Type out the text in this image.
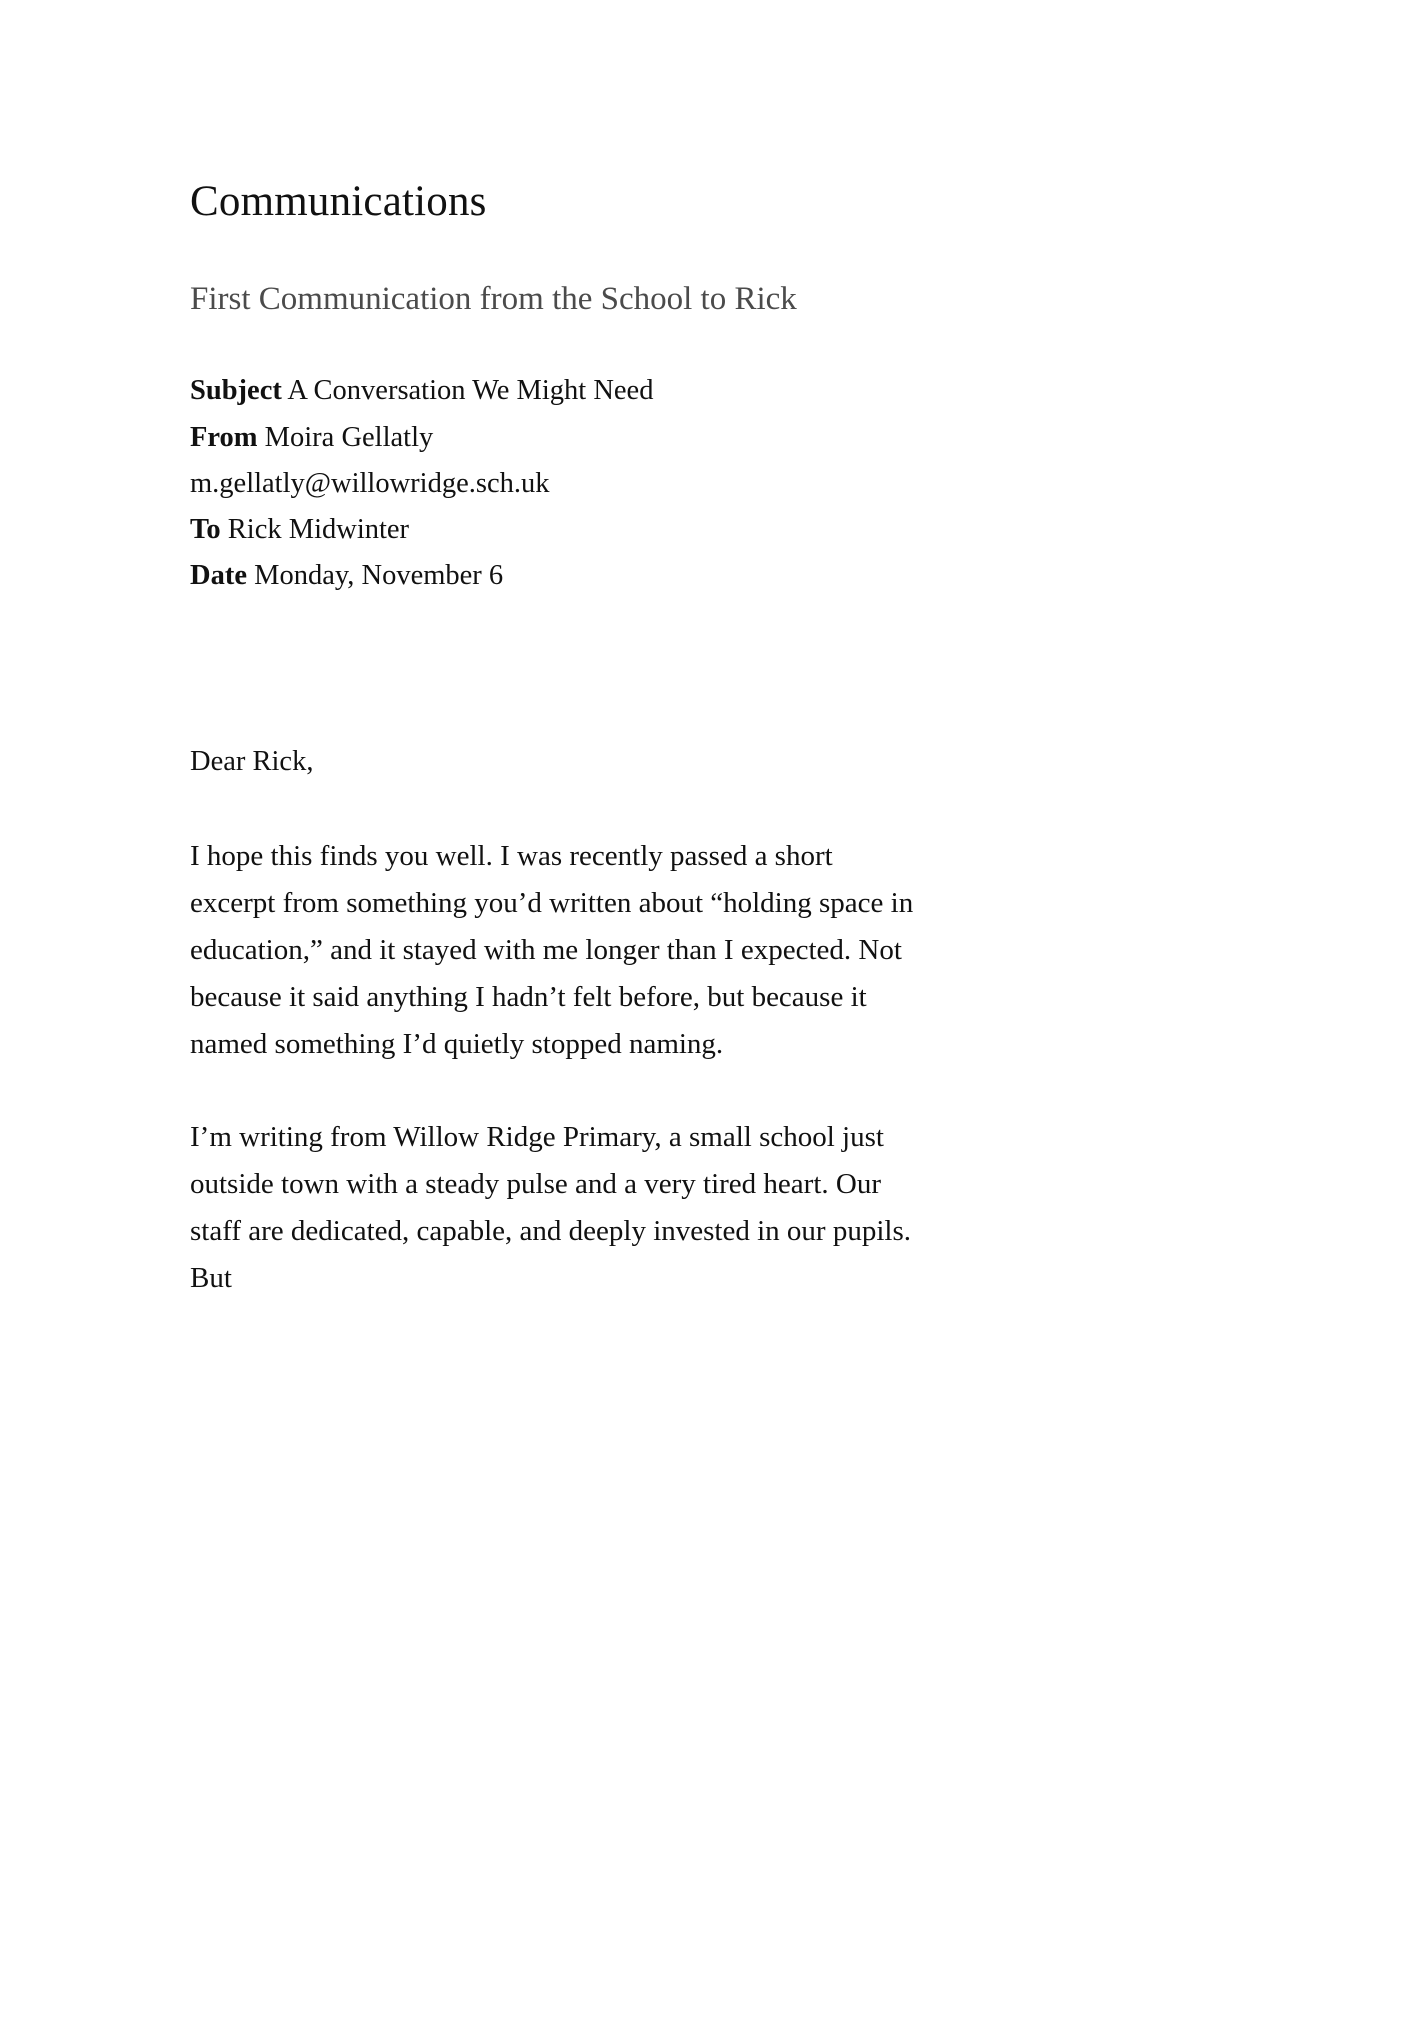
Communications
First Communication from the School to Rick
Subject A Conversation We Might Need
From Moira Gellatly
m.gellatly@willowridge.sch.uk
To Rick Midwinter
Date Monday, November 6

Dear Rick,

I hope this finds you well. I was recently passed a short excerpt from something you’d written about “holding space in education,” and it stayed with me longer than I expected. Not because it said anything I hadn’t felt before, but because it named something I’d quietly stopped naming.

I’m writing from Willow Ridge Primary, a small school just outside town with a steady pulse and a very tired heart. Our staff are dedicated, capable, and deeply invested in our pupils. But
